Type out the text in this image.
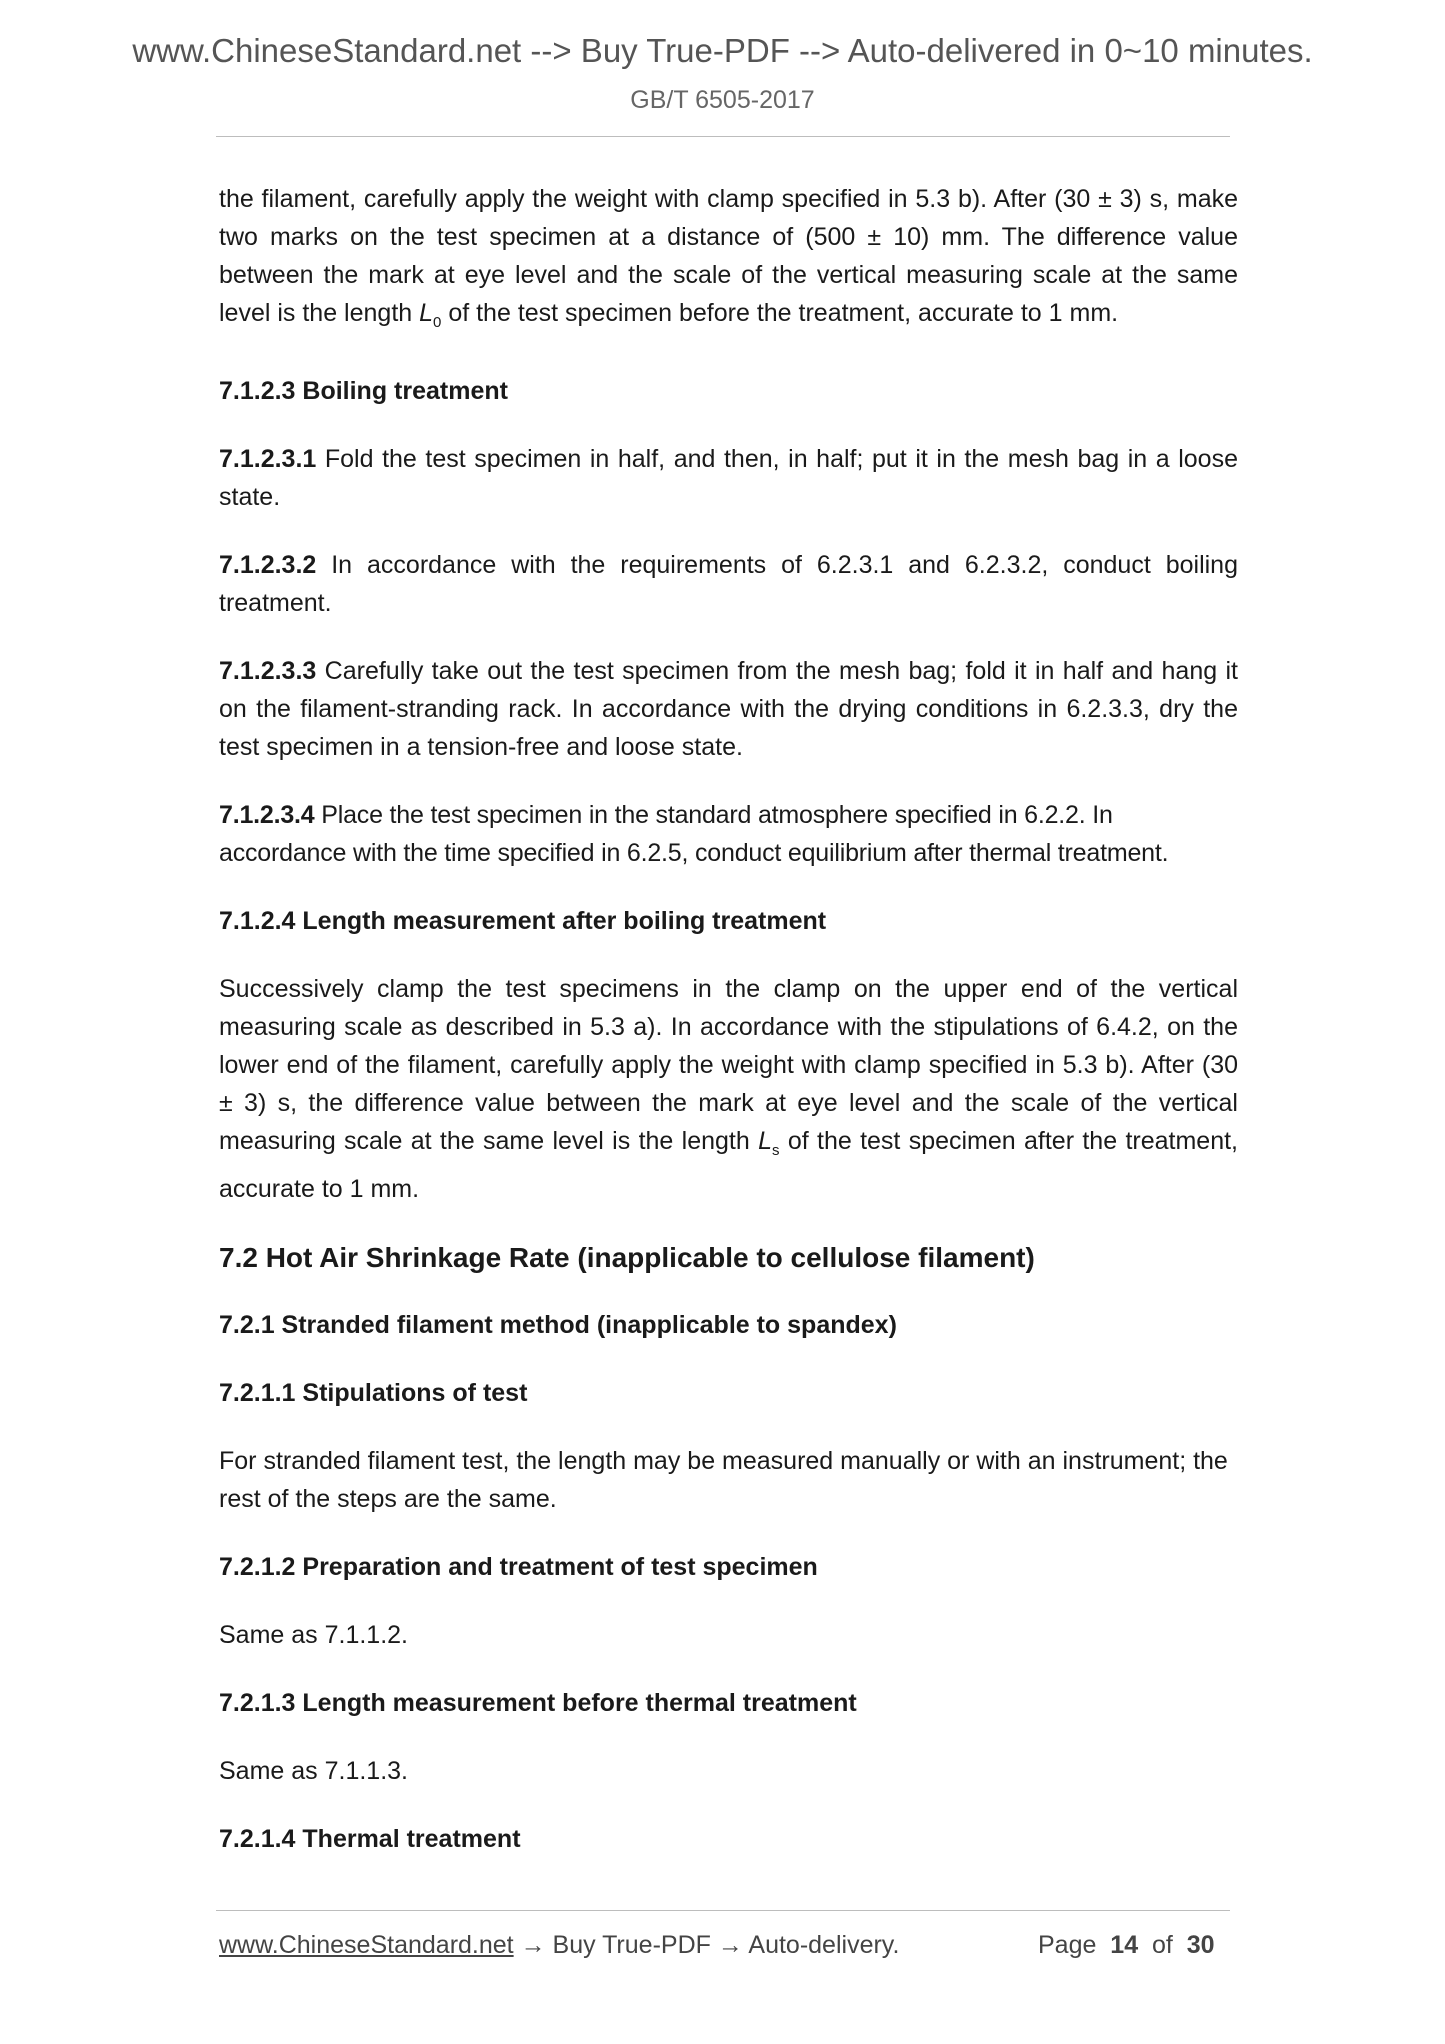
www.ChineseStandard.net --> Buy True-PDF --> Auto-delivered in 0~10 minutes.
GB/T 6505-2017

the filament, carefully apply the weight with clamp specified in 5.3 b). After (30 ± 3) s, make two marks on the test specimen at a distance of (500 ± 10) mm. The difference value between the mark at eye level and the scale of the vertical measuring scale at the same level is the length $L_0$ of the test specimen before the treatment, accurate to 1 mm.

7.1.2.3 Boiling treatment

7.1.2.3.1 Fold the test specimen in half, and then, in half; put it in the mesh bag in a loose state.

7.1.2.3.2 In accordance with the requirements of 6.2.3.1 and 6.2.3.2, conduct boiling treatment.

7.1.2.3.3 Carefully take out the test specimen from the mesh bag; fold it in half and hang it on the filament-stranding rack. In accordance with the drying conditions in 6.2.3.3, dry the test specimen in a tension-free and loose state.

7.1.2.3.4 Place the test specimen in the standard atmosphere specified in 6.2.2. In accordance with the time specified in 6.2.5, conduct equilibrium after thermal treatment.

7.1.2.4 Length measurement after boiling treatment

Successively clamp the test specimens in the clamp on the upper end of the vertical measuring scale as described in 5.3 a). In accordance with the stipulations of 6.4.2, on the lower end of the filament, carefully apply the weight with clamp specified in 5.3 b). After (30 ± 3) s, the difference value between the mark at eye level and the scale of the vertical measuring scale at the same level is the length $L_s$ of the test specimen after the treatment, accurate to 1 mm.

7.2 Hot Air Shrinkage Rate (inapplicable to cellulose filament)
7.2.1 Stranded filament method (inapplicable to spandex)
7.2.1.1 Stipulations of test

For stranded filament test, the length may be measured manually or with an instrument; the rest of the steps are the same.

7.2.1.2 Preparation and treatment of test specimen

Same as 7.1.1.2.

7.2.1.3 Length measurement before thermal treatment

Same as 7.1.1.3.

7.2.1.4 Thermal treatment
www.ChineseStandard.net → Buy True-PDF → Auto-delivery.	Page 14 of 30
